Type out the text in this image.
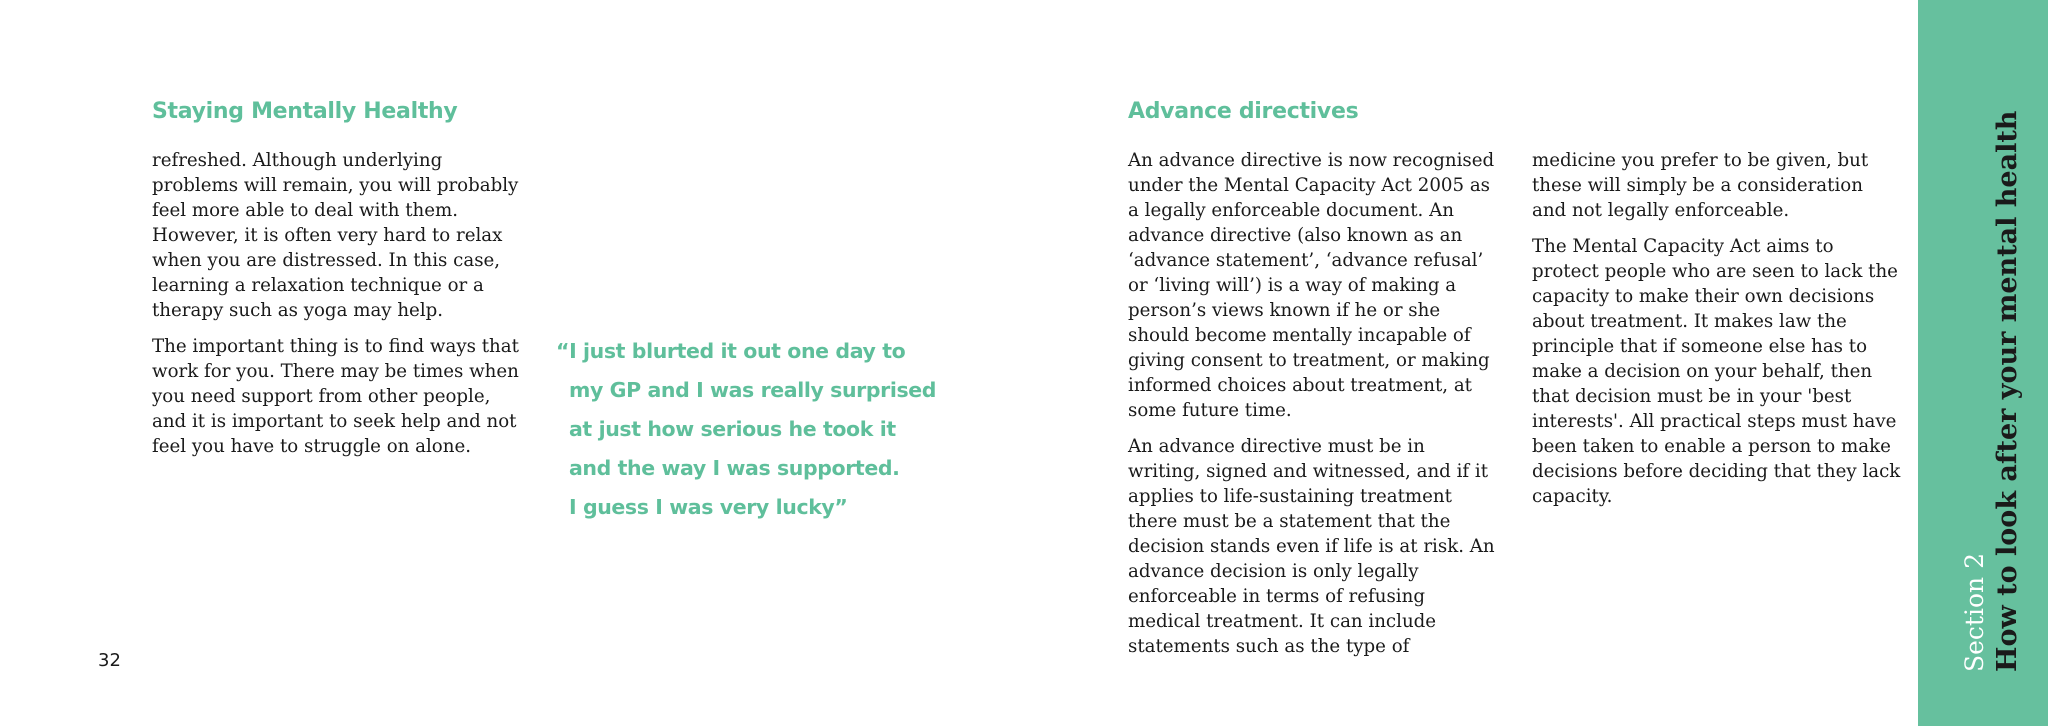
Staying Mentally Healthy

refreshed. Although underlying problems will remain, you will probably feel more able to deal with them. However, it is often very hard to relax when you are distressed. In this case, learning a relaxation technique or a therapy such as yoga may help.

The important thing is to find ways that work for you. There may be times when you need support from other people, and it is important to seek help and not feel you have to struggle on alone.

“I just blurted it out one day to
my GP and I was really surprised
at just how serious he took it
and the way I was supported.
I guess I was very lucky”
32
Advance directives

An advance directive is now recognised under the Mental Capacity Act 2005 as a legally enforceable document. An advance directive (also known as an ‘advance statement’, ‘advance refusal’ or ‘living will’) is a way of making a person’s views known if he or she should become mentally incapable of giving consent to treatment, or making informed choices about treatment, at some future time.

An advance directive must be in writing, signed and witnessed, and if it applies to life-sustaining treatment there must be a statement that the decision stands even if life is at risk. An advance decision is only legally enforceable in terms of refusing medical treatment. It can include statements such as the type of

medicine you prefer to be given, but these will simply be a consideration and not legally enforceable.

The Mental Capacity Act aims to protect people who are seen to lack the capacity to make their own decisions about treatment. It makes law the principle that if someone else has to make a decision on your behalf, then that decision must be in your 'best interests'. All practical steps must have been taken to enable a person to make decisions before deciding that they lack capacity.

Section 2 How to look after your mental health
